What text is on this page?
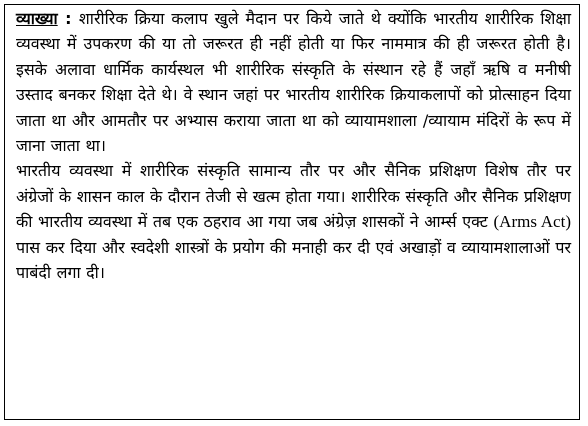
व्याख्या : शारीरिक क्रिया कलाप खुले मैदान पर किये जाते थे क्योंकि भारतीय शारीरिक शिक्षा व्यवस्था में उपकरण की या तो जरूरत ही नहीं होती या फिर नाममात्र की ही जरूरत होती है। इसके अलावा धार्मिक कार्यस्थल भी शारीरिक संस्कृति के संस्थान रहे हैं जहाँ ऋषि व मनीषी उस्ताद बनकर शिक्षा देते थे। वे स्थान जहां पर भारतीय शारीरिक क्रियाकलापों को प्रोत्साहन दिया जाता था और आमतौर पर अभ्यास कराया जाता था को व्यायामशाला /व्यायाम मंदिरों के रूप में जाना जाता था।

भारतीय व्यवस्था में शारीरिक संस्कृति सामान्य तौर पर और सैनिक प्रशिक्षण विशेष तौर पर अंग्रेजों के शासन काल के दौरान तेजी से खत्म होता गया। शारीरिक संस्कृति और सैनिक प्रशिक्षण की भारतीय व्यवस्था में तब एक ठहराव आ गया जब अंग्रेज़ शासकों ने आर्म्स एक्ट (Arms Act) पास कर दिया और स्वदेशी शास्त्रों के प्रयोग की मनाही कर दी एवं अखाड़ों व व्यायामशालाओं पर पाबंदी लगा दी।
